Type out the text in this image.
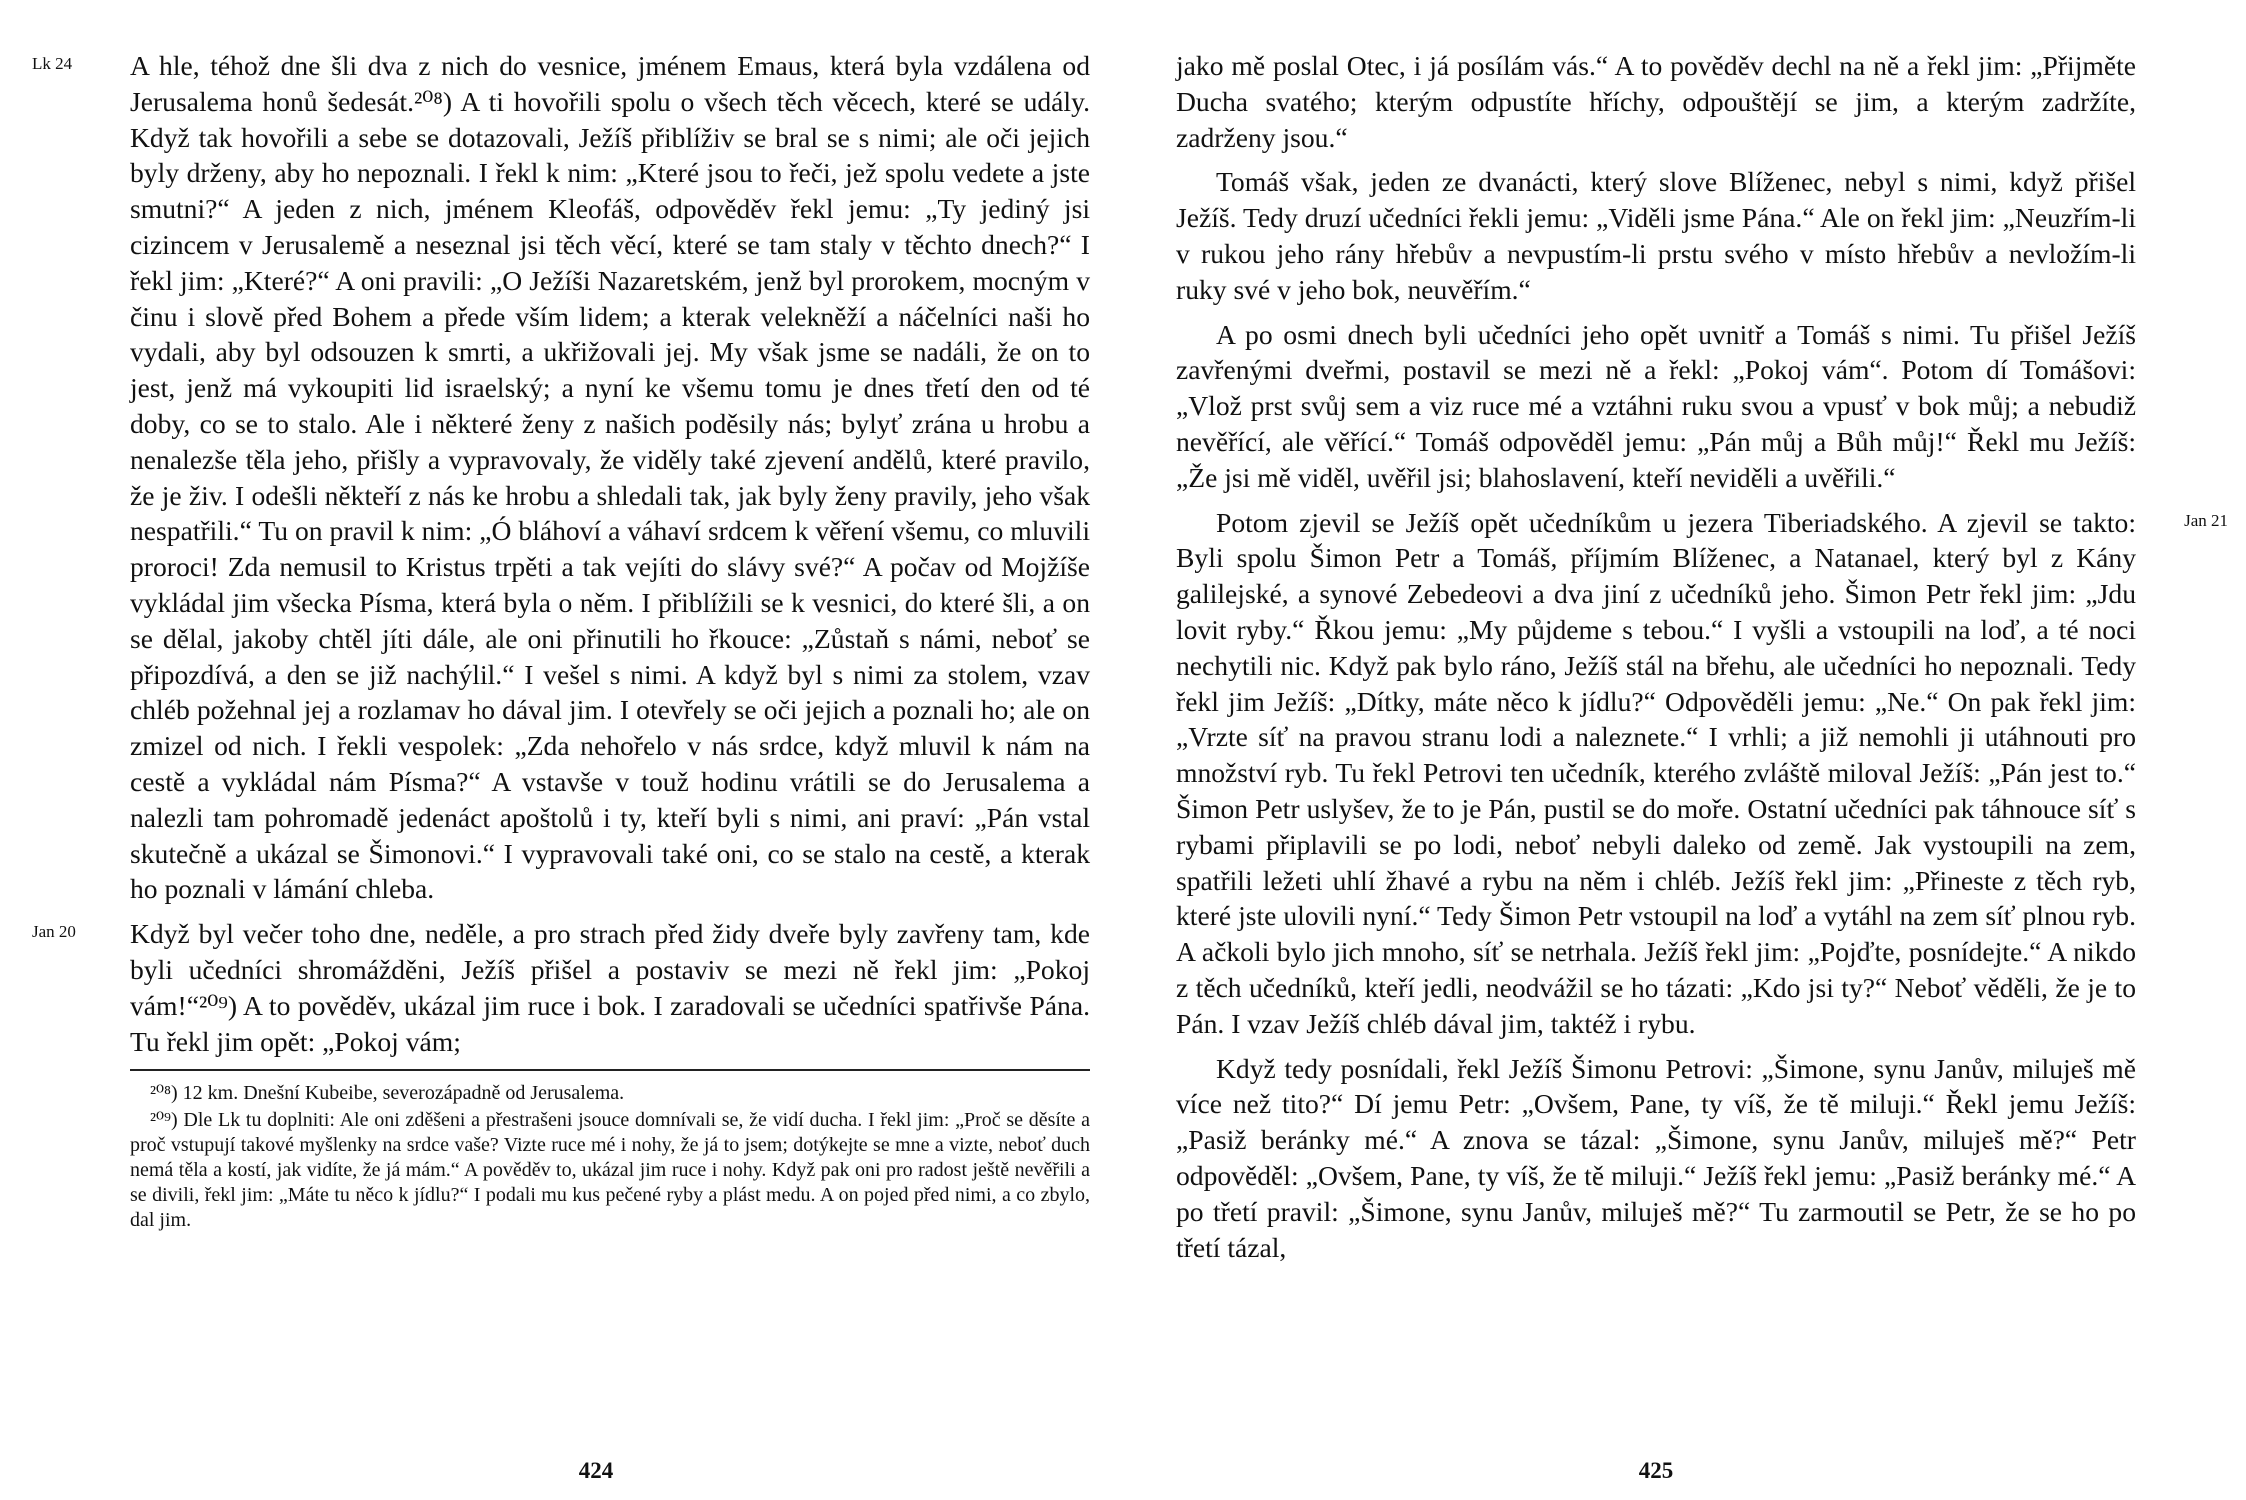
Lk 24 A hle, téhož dne šli dva z nich do vesnice, jménem Emaus, která byla vzdálena od Jerusalema honů šedesát.²⁰⁸) A ti hovořili spolu o všech těch věcech, které se udály. Když tak hovořili a sebe se dotazovali, Ježíš přiblíživ se bral se s nimi; ale oči jejich byly drženy, aby ho nepoznali. I řekl k nim: „Které jsou to řeči, jež spolu vedete a jste smutni?“ A jeden z nich, jménem Kleofáš, odpověděv řekl jemu: „Ty jediný jsi cizincem v Jerusalemě a neseznal jsi těch věcí, které se tam staly v těchto dnech?“ I řekl jim: „Které?“ A oni pravili: „O Ježíši Nazaretském, jenž byl prorokem, mocným v činu i slově před Bohem a přede vším lidem; a kterak velekněží a náčelníci naši ho vydali, aby byl odsouzen k smrti, a ukřižovali jej. My však jsme se nadáli, že on to jest, jenž má vykoupiti lid israelský; a nyní ke všemu tomu je dnes třetí den od té doby, co se to stalo. Ale i některé ženy z našich poděsily nás; bylyť zrána u hrobu a nenalezše těla jeho, přišly a vypravovaly, že viděly také zjevení andělů, které pravilo, že je živ. I odešli někteří z nás ke hrobu a shledali tak, jak byly ženy pravily, jeho však nespatřili.“ Tu on pravil k nim: „Ó bláhoví a váhaví srdcem k věření všemu, co mluvili proroci! Zda nemusil to Kristus trpěti a tak vejíti do slávy své?“ A počav od Mojžíše vykládal jim všecka Písma, která byla o něm. I přiblížili se k vesnici, do které šli, a on se dělal, jakoby chtěl jíti dále, ale oni přinutili ho řkouce: „Zůstaň s námi, neboť se připozdívá, a den se již nachýlil.“ I vešel s nimi. A když byl s nimi za stolem, vzav chléb požehnal jej a rozlamav ho dával jim. I otevřely se oči jejich a poznali ho; ale on zmizel od nich. I řekli vespolek: „Zda nehořelo v nás srdce, když mluvil k nám na cestě a vykládal nám Písma?“ A vstavše v touž hodinu vrátili se do Jerusalema a nalezli tam pohromadě jedenáct apoštolů i ty, kteří byli s nimi, ani praví: „Pán vstal skutečně a ukázal se Šimonovi.“ I vypravovali také oni, co se stalo na cestě, a kterak ho poznali v lámání chleba.

Jan 20 Když byl večer toho dne, neděle, a pro strach před židy dveře byly zavřeny tam, kde byli učedníci shromážděni, Ježíš přišel a postaviv se mezi ně řekl jim: „Pokoj vám!“²⁰⁹) A to pověděv, ukázal jim ruce i bok. I zaradovali se učedníci spatřivše Pána. Tu řekl jim opět: „Pokoj vám;

²⁰⁸) 12 km. Dnešní Kubeibe, severozápadně od Jerusalema.

²⁰⁹) Dle Lk tu doplniti: Ale oni zděšeni a přestrašeni jsouce domnívali se, že vidí ducha. I řekl jim: „Proč se děsíte a proč vstupují takové myšlenky na srdce vaše? Vizte ruce mé i nohy, že já to jsem; dotýkejte se mne a vizte, neboť duch nemá těla a kostí, jak vidíte, že já mám.“ A pověděv to, ukázal jim ruce i nohy. Když pak oni pro radost ještě nevěřili a se divili, řekl jim: „Máte tu něco k jídlu?“ I podali mu kus pečené ryby a plást medu. A on pojed před nimi, a co zbylo, dal jim.

424

jako mě poslal Otec, i já posílám vás.“ A to pověděv dechl na ně a řekl jim: „Přijměte Ducha svatého; kterým odpustíte hříchy, odpouštějí se jim, a kterým zadržíte, zadrženy jsou.“

Tomáš však, jeden ze dvanácti, který slove Blíženec, nebyl s nimi, když přišel Ježíš. Tedy druzí učedníci řekli jemu: „Viděli jsme Pána.“ Ale on řekl jim: „Neuzřím-li v rukou jeho rány hřebův a nevpustím-li prstu svého v místo hřebův a nevložím-li ruky své v jeho bok, neuvěřím.“

A po osmi dnech byli učedníci jeho opět uvnitř a Tomáš s nimi. Tu přišel Ježíš zavřenými dveřmi, postavil se mezi ně a řekl: „Pokoj vám“. Potom dí Tomášovi: „Vlož prst svůj sem a viz ruce mé a vztáhni ruku svou a vpusť v bok můj; a nebudiž nevěřící, ale věřící.“ Tomáš odpověděl jemu: „Pán můj a Bůh můj!“ Řekl mu Ježíš: „Že jsi mě viděl, uvěřil jsi; blahoslavení, kteří neviděli a uvěřili.“

Jan 21
Potom zjevil se Ježíš opět učedníkům u jezera Tiberiadského. A zjevil se takto: Byli spolu Šimon Petr a Tomáš, příjmím Blíženec, a Natanael, který byl z Kány galilejské, a synové Zebedeovi a dva jiní z učedníků jeho. Šimon Petr řekl jim: „Jdu lovit ryby.“ Řkou jemu: „My půjdeme s tebou.“ I vyšli a vstoupili na loď, a té noci nechytili nic. Když pak bylo ráno, Ježíš stál na břehu, ale učedníci ho nepoznali. Tedy řekl jim Ježíš: „Dítky, máte něco k jídlu?“ Odpověděli jemu: „Ne.“ On pak řekl jim: „Vrzte síť na pravou stranu lodi a naleznete.“ I vrhli; a již nemohli ji utáhnouti pro množství ryb. Tu řekl Petrovi ten učedník, kterého zvláště miloval Ježíš: „Pán jest to.“ Šimon Petr uslyšev, že to je Pán, pustil se do moře. Ostatní učedníci pak táhnouce síť s rybami připlavili se po lodi, neboť nebyli daleko od země. Jak vystoupili na zem, spatřili ležeti uhlí žhavé a rybu na něm i chléb. Ježíš řekl jim: „Přineste z těch ryb, které jste ulovili nyní.“ Tedy Šimon Petr vstoupil na loď a vytáhl na zem síť plnou ryb. A ačkoli bylo jich mnoho, síť se netrhala. Ježíš řekl jim: „Pojďte, posnídejte.“ A nikdo z těch učedníků, kteří jedli, neodvážil se ho tázati: „Kdo jsi ty?“ Neboť věděli, že je to Pán. I vzav Ježíš chléb dával jim, taktéž i rybu.

Když tedy posnídali, řekl Ježíš Šimonu Petrovi: „Šimone, synu Janův, miluješ mě více než tito?“ Dí jemu Petr: „Ovšem, Pane, ty víš, že tě miluji.“ Řekl jemu Ježíš: „Pasiž beránky mé.“ A znova se tázal: „Šimone, synu Janův, miluješ mě?“ Petr odpověděl: „Ovšem, Pane, ty víš, že tě miluji.“ Ježíš řekl jemu: „Pasiž beránky mé.“ A po třetí pravil: „Šimone, synu Janův, miluješ mě?“ Tu zarmoutil se Petr, že se ho po třetí tázal,

425
